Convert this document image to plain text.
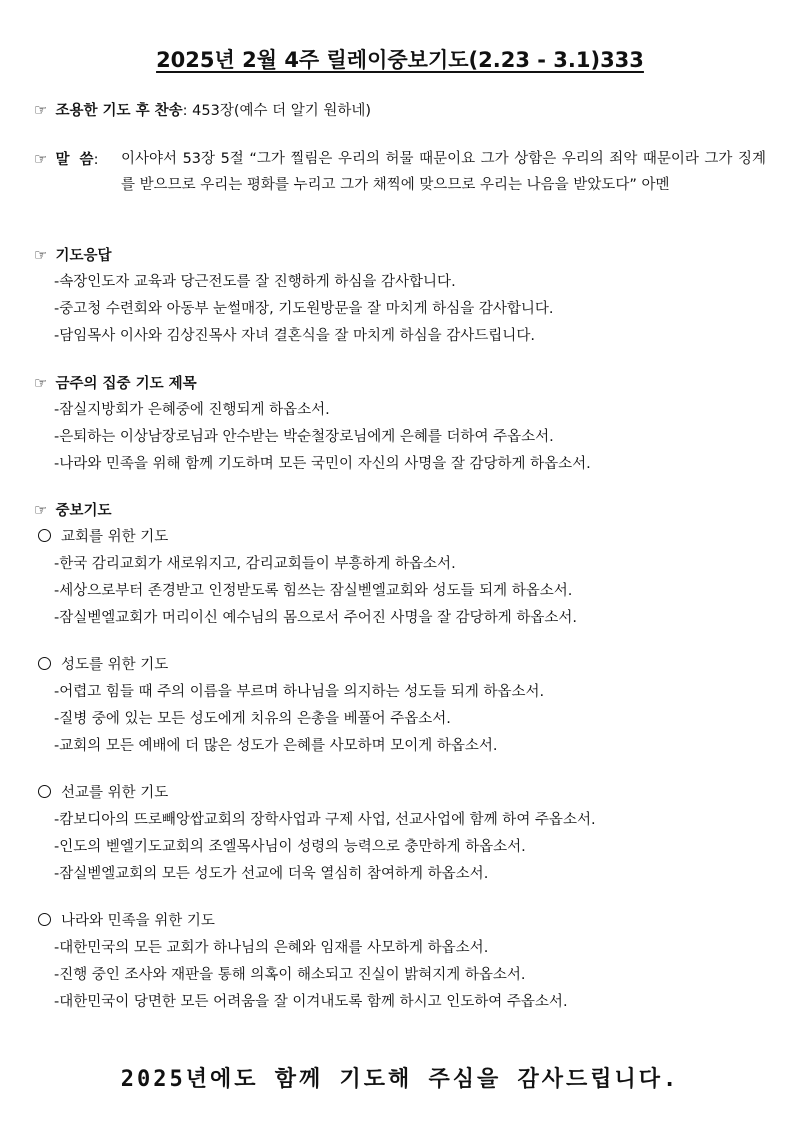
2025년 2월 4주 릴레이중보기도(2.23 - 3.1)333
☞ 조용한 기도 후 찬송: 453장(예수 더 알기 원하네)
☞ 말  씀: 이사야서 53장 5절 “그가 찔림은 우리의 허물 때문이요 그가 상함은 우리의 죄악 때문이라 그가 징계를 받으므로 우리는 평화를 누리고 그가 채찍에 맞으므로 우리는 나음을 받았도다” 아멘
☞ 기도응답
-속장인도자 교육과 당근전도를 잘 진행하게 하심을 감사합니다.
-중고청 수련회와 아동부 눈썰매장, 기도원방문을 잘 마치게 하심을 감사합니다.
-담임목사 이사와 김상진목사 자녀 결혼식을 잘 마치게 하심을 감사드립니다.
☞ 금주의 집중 기도 제목
-잠실지방회가 은혜중에 진행되게 하옵소서.
-은퇴하는 이상남장로님과 안수받는 박순철장로님에게 은혜를 더하여 주옵소서.
-나라와 민족을 위해 함께 기도하며 모든 국민이 자신의 사명을 잘 감당하게 하옵소서.
☞ 중보기도
교회를 위한 기도
-한국 감리교회가 새로워지고, 감리교회들이 부흥하게 하옵소서.
-세상으로부터 존경받고 인정받도록 힘쓰는 잠실벧엘교회와 성도들 되게 하옵소서.
-잠실벧엘교회가 머리이신 예수님의 몸으로서 주어진 사명을 잘 감당하게 하옵소서.
성도를 위한 기도
-어렵고 힘들 때 주의 이름을 부르며 하나님을 의지하는 성도들 되게 하옵소서.
-질병 중에 있는 모든 성도에게 치유의 은총을 베풀어 주옵소서.
-교회의 모든 예배에 더 많은 성도가 은혜를 사모하며 모이게 하옵소서.
선교를 위한 기도
-캄보디아의 뜨로빼앙쌉교회의 장학사업과 구제 사업, 선교사업에 함께 하여 주옵소서.
-인도의 벧엘기도교회의 조엘목사님이 성령의 능력으로 충만하게 하옵소서.
-잠실벧엘교회의 모든 성도가 선교에 더욱 열심히 참여하게 하옵소서.
나라와 민족을 위한 기도
-대한민국의 모든 교회가 하나님의 은혜와 임재를 사모하게 하옵소서.
-진행 중인 조사와 재판을 통해 의혹이 해소되고 진실이 밝혀지게 하옵소서.
-대한민국이 당면한 모든 어려움을 잘 이겨내도록 함께 하시고 인도하여 주옵소서.
2025년에도 함께 기도해 주심을 감사드립니다.
